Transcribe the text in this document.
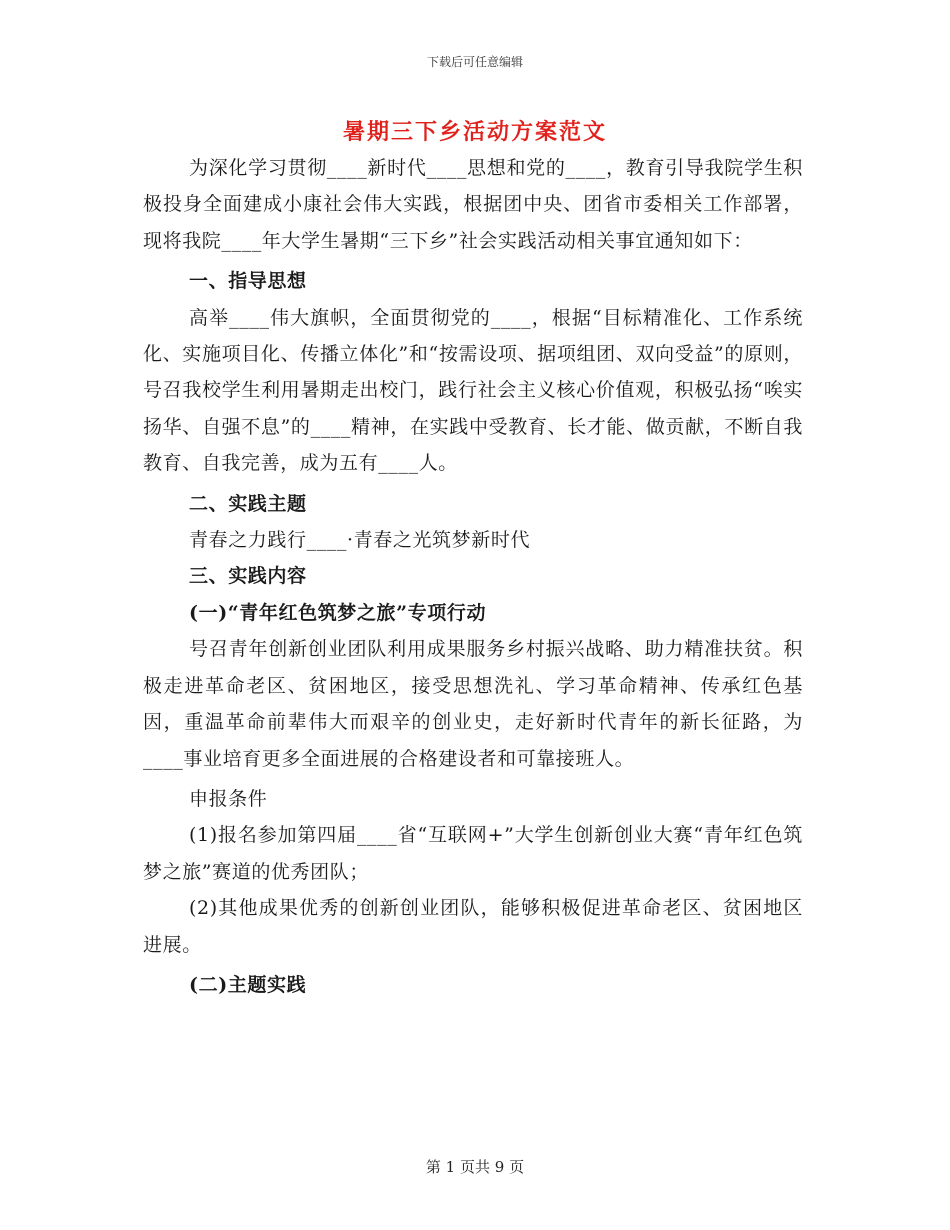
下载后可任意编辑
暑期三下乡活动方案范文

为深化学习贯彻____新时代____思想和党的____，教育引导我院学生积极投身全面建成小康社会伟大实践，根据团中央、团省市委相关工作部署，现将我院____年大学生暑期“三下乡”社会实践活动相关事宜通知如下：

一、指导思想

高举____伟大旗帜，全面贯彻党的____，根据“目标精准化、工作系统化、实施项目化、传播立体化”和“按需设项、据项组团、双向受益”的原则，号召我校学生利用暑期走出校门，践行社会主义核心价值观，积极弘扬“唉实扬华、自强不息”的____精神，在实践中受教育、长才能、做贡献，不断自我教育、自我完善，成为五有____人。

二、实践主题

青春之力践行____·青春之光筑梦新时代

三、实践内容

(一)“青年红色筑梦之旅”专项行动

号召青年创新创业团队利用成果服务乡村振兴战略、助力精准扶贫。积极走进革命老区、贫困地区，接受思想洗礼、学习革命精神、传承红色基因，重温革命前辈伟大而艰辛的创业史，走好新时代青年的新长征路，为____事业培育更多全面进展的合格建设者和可靠接班人。

申报条件

(1)报名参加第四届____省“互联网+”大学生创新创业大赛“青年红色筑梦之旅”赛道的优秀团队；

(2)其他成果优秀的创新创业团队，能够积极促进革命老区、贫困地区进展。

(二)主题实践

第 1 页共 9 页
